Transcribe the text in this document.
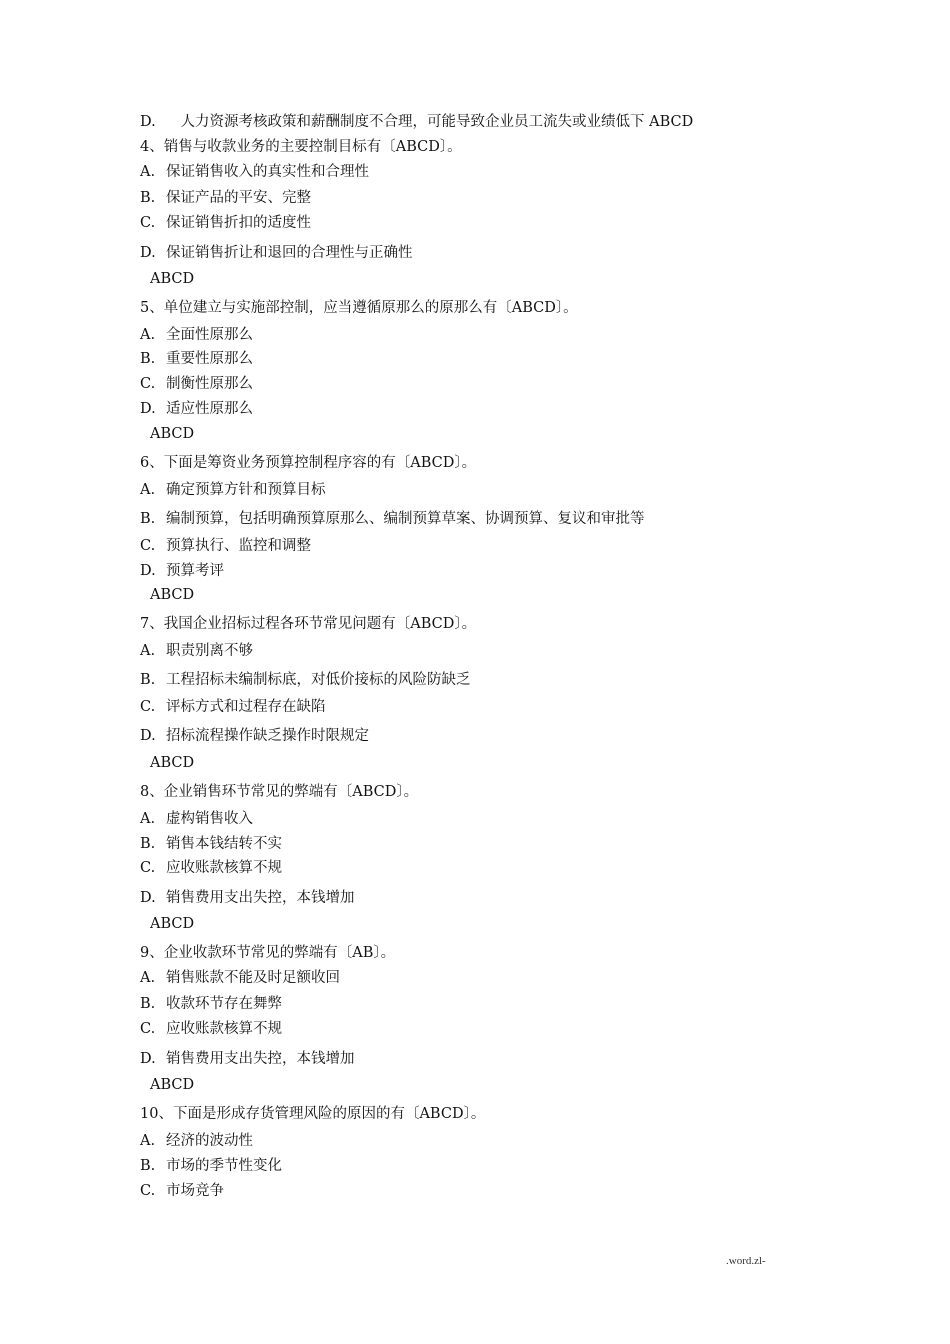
D.　人力资源考核政策和薪酬制度不合理，可能导致企业员工流失或业绩低下 ABCD
4、销售与收款业务的主要控制目标有〔ABCD〕。
A. 保证销售收入的真实性和合理性
B. 保证产品的平安、完整
C. 保证销售折扣的适度性
D. 保证销售折让和退回的合理性与正确性
ABCD
5、单位建立与实施部控制，应当遵循原那么的原那么有〔ABCD〕。
A. 全面性原那么
B. 重要性原那么
C. 制衡性原那么
D. 适应性原那么
ABCD
6、下面是筹资业务预算控制程序容的有〔ABCD〕。
A. 确定预算方针和预算目标
B. 编制预算，包括明确预算原那么、编制预算草案、协调预算、复议和审批等
C. 预算执行、监控和调整
D. 预算考评
ABCD
7、我国企业招标过程各环节常见问题有〔ABCD〕。
A. 职责别离不够
B. 工程招标未编制标底，对低价接标的风险防缺乏
C. 评标方式和过程存在缺陷
D. 招标流程操作缺乏操作时限规定
ABCD
8、企业销售环节常见的弊端有〔ABCD〕。
A. 虚构销售收入
B. 销售本钱结转不实
C. 应收账款核算不规
D. 销售费用支出失控，本钱增加
ABCD
9、企业收款环节常见的弊端有〔AB〕。
A. 销售账款不能及时足额收回
B. 收款环节存在舞弊
C. 应收账款核算不规
D. 销售费用支出失控，本钱增加
ABCD
10、下面是形成存货管理风险的原因的有〔ABCD〕。
A. 经济的波动性
B. 市场的季节性变化
C. 市场竞争
.word.zl-
